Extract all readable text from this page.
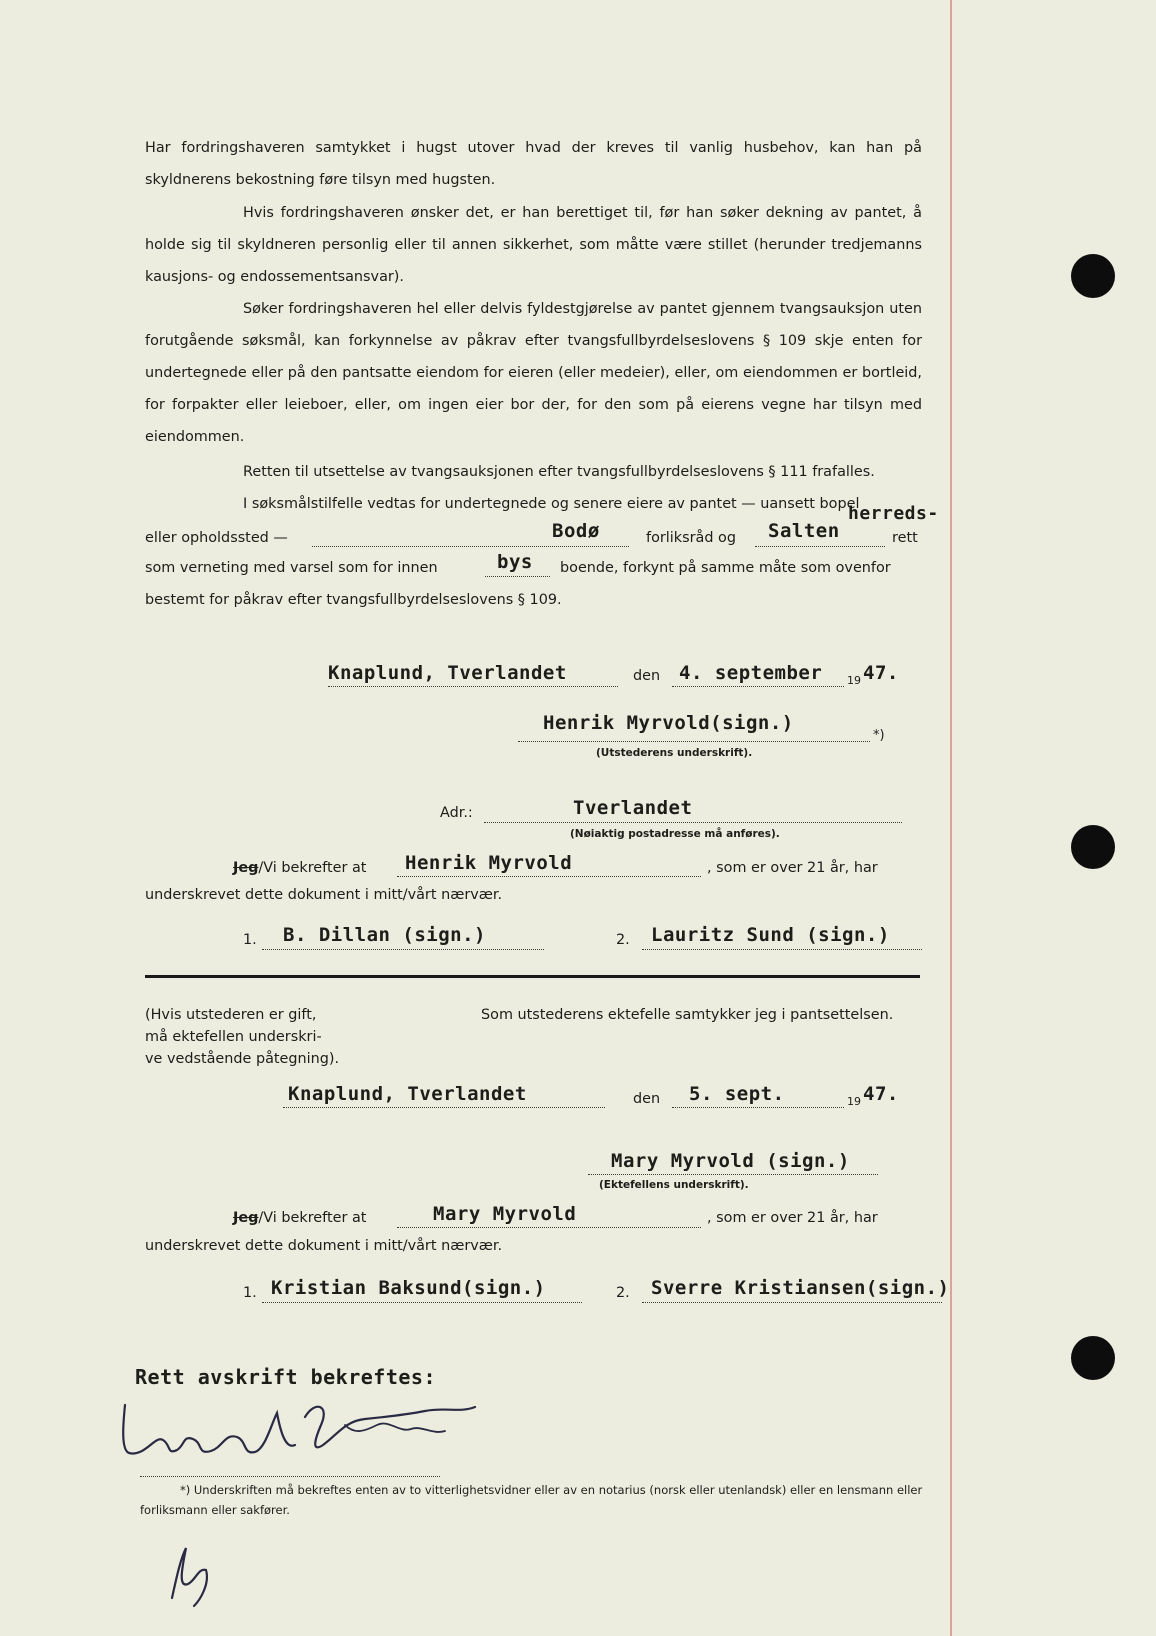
Har fordringshaveren samtykket i hugst utover hvad der kreves til vanlig husbehov, kan han på skyldnerens bekostning føre tilsyn med hugsten.

Hvis fordringshaveren ønsker det, er han berettiget til, før han søker dekning av pantet, å holde sig til skyldneren personlig eller til annen sikkerhet, som måtte være stillet (herunder tredjemanns kausjons- og endossementsansvar).

Søker fordringshaveren hel eller delvis fyldestgjørelse av pantet gjennem tvangsauksjon uten forutgående søksmål, kan forkynnelse av påkrav efter tvangsfullbyrdelseslovens § 109 skje enten for undertegnede eller på den pantsatte eiendom for eieren (eller medeier), eller, om eiendommen er bortleid, for forpakter eller leieboer, eller, om ingen eier bor der, for den som på eierens vegne har tilsyn med eiendommen.

Retten til utsettelse av tvangsauksjonen efter tvangsfullbyrdelseslovens § 111 frafalles.

I søksmålstilfelle vedtas for undertegnede og senere eiere av pantet — uansett bopel
herreds-
eller opholdssted —	Bodø	forliksråd og Salten	rett
som verneting med varsel som for innen	bys boende, forkynt på samme måte som ovenfor
bestemt for påkrav efter tvangsfullbyrdelseslovens § 109.
Knaplund, Tverlandet	den 4. september 19 47.
Henrik Myrvold(sign.)
*)
(Utstederens underskrift).
Adr.:	Tverlandet
(Nøiaktig postadresse må anføres).
Jeg/Vi bekrefter at Henrik Myrvold	, som er over 21 år, har
underskrevet dette dokument i mitt/vårt nærvær.
1. B. Dillan (sign.)	2. Lauritz Sund (sign.)
(Hvis utstederen er gift,
må ektefellen underskri-
ve vedstående påtegning).
Som utstederens ektefelle samtykker jeg i pantsettelsen.
Knaplund, Tverlandet	den 5. sept.	19 47.
Mary Myrvold (sign.)
(Ektefellens underskrift).
Jeg/Vi bekrefter at	Mary Myrvold	, som er over 21 år, har
underskrevet dette dokument i mitt/vårt nærvær.
1. Kristian Baksund(sign.)	2. Sverre Kristiansen(sign.)
Rett avskrift bekreftes:

*) Underskriften må bekreftes enten av to vitterlighetsvidner eller av en notarius (norsk eller utenlandsk) eller en lensmann eller forliksmann eller sakfører.
